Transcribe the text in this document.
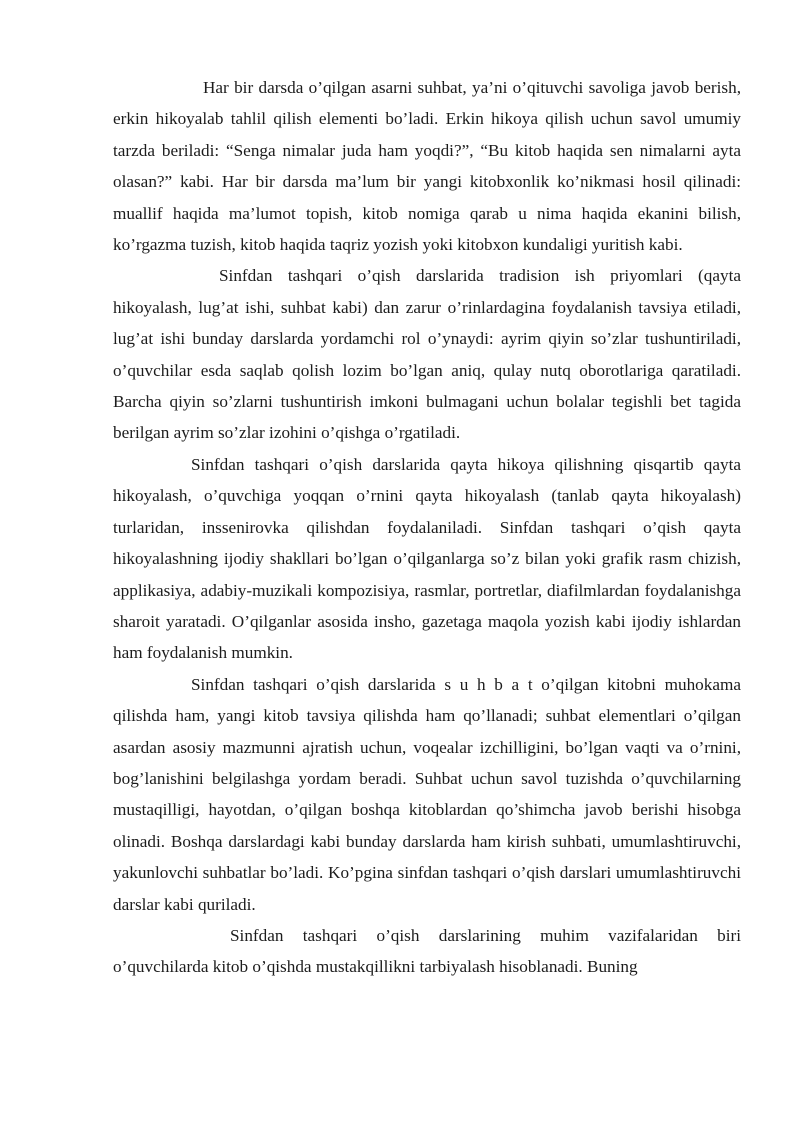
Har bir darsda o’qilgan asarni suhbat, ya’ni o’qituvchi savoliga javob berish, erkin hikoyalab tahlil qilish elementi bo’ladi. Erkin hikoya qilish uchun savol umumiy tarzda beriladi: “Senga nimalar juda ham yoqdi?”, “Bu kitob haqida sen nimalarni ayta olasan?” kabi. Har bir darsda ma’lum bir yangi kitobxonlik ko’nikmasi hosil qilinadi: muallif haqida ma’lumot topish, kitob nomiga qarab u nima haqida ekanini bilish, ko’rgazma tuzish, kitob haqida taqriz yozish yoki kitobxon kundaligi yuritish kabi.

Sinfdan tashqari o’qish darslarida tradision ish priyomlari (qayta hikoyalash, lug’at ishi, suhbat kabi) dan zarur o’rinlardagina foydalanish tavsiya etiladi, lug’at ishi bunday darslarda yordamchi rol o’ynaydi: ayrim qiyin so’zlar tushuntiriladi, o’quvchilar esda saqlab qolish lozim bo’lgan aniq, qulay nutq oborotlariga qaratiladi. Barcha qiyin so’zlarni tushuntirish imkoni bulmagani uchun bolalar tegishli bet tagida berilgan ayrim so’zlar izohini o’qishga o’rgatiladi.

Sinfdan tashqari o’qish darslarida qayta hikoya qilishning qisqartib qayta hikoyalash, o’quvchiga yoqqan o’rnini qayta hikoyalash (tanlab qayta hikoyalash) turlaridan, inssenirovka qilishdan foydalaniladi. Sinfdan tashqari o’qish qayta hikoyalashning ijodiy shakllari bo’lgan o’qilganlarga so’z bilan yoki grafik rasm chizish, applikasiya, adabiy-muzikali kompozisiya, rasmlar, portretlar, diafilmlardan foydalanishga sharoit yaratadi. O’qilganlar asosida insho, gazetaga maqola yozish kabi ijodiy ishlardan ham foydalanish mumkin.

Sinfdan tashqari o’qish darslarida s u h b a t o’qilgan kitobni muhokama qilishda ham, yangi kitob tavsiya qilishda ham qo’llanadi; suhbat elementlari o’qilgan asardan asosiy mazmunni ajratish uchun, voqealar izchilligini, bo’lgan vaqti va o’rnini, bog’lanishini belgilashga yordam beradi. Suhbat uchun savol tuzishda o’quvchilarning mustaqilligi, hayotdan, o’qilgan boshqa kitoblardan qo’shimcha javob berishi hisobga olinadi. Boshqa darslardagi kabi bunday darslarda ham kirish suhbati, umumlashtiruvchi, yakunlovchi suhbatlar bo’ladi. Ko’pgina sinfdan tashqari o’qish darslari umumlashtiruvchi darslar kabi quriladi.

Sinfdan tashqari o’qish darslarining muhim vazifalaridan biri o’quvchilarda kitob o’qishda mustakqillikni tarbiyalash hisoblanadi. Buning
